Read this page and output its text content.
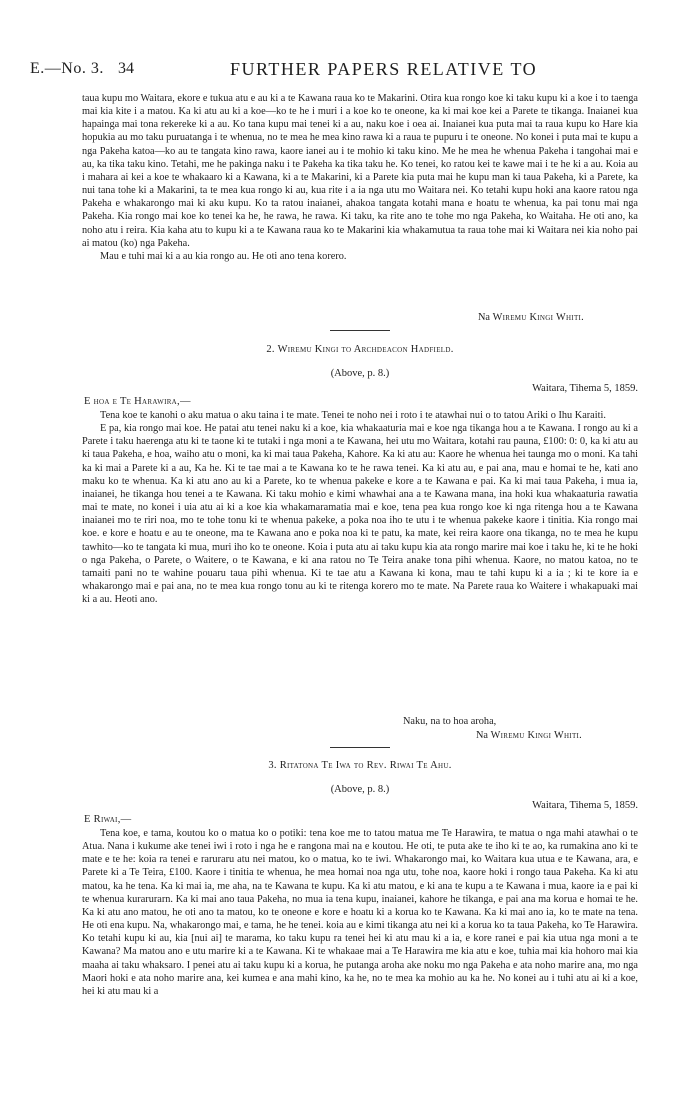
E.—No. 3. 34	FURTHER PAPERS RELATIVE TO

taua kupu mo Waitara, ekore e tukua atu e au ki a te Kawana raua ko te Makarini. Otira kua rongo koe ki taku kupu ki a koe i to taenga mai kia kite i a matou. Ka ki atu au ki a koe—ko te he i muri i a koe ko te oneone, ka ki mai koe kei a Parete te tikanga. Inaianei kua hapainga mai tona rekereke ki a au. Ko tana kupu mai tenei ki a au, naku koe i oea ai. Inaianei kua puta mai ta raua kupu ko Hare kia hopukia au mo taku puruatanga i te whenua, no te mea he mea kino rawa ki a raua te pupuru i te oneone. No konei i puta mai te kupu a nga Pakeha katoa—ko au te tangata kino rawa, kaore ianei au i te mohio ki taku kino. Me he mea he whenua Pakeha i tangohai mai e au, ka tika taku kino. Tetahi, me he pakinga naku i te Pakeha ka tika taku he. Ko tenei, ko ratou kei te kawe mai i te he ki a au. Koia au i mahara ai kei a koe te whakaaro ki a Kawana, ki a te Makarini, ki a Parete kia puta mai he kupu man ki taua Pakeha, ki a Parete, ka nui tana tohe ki a Makarini, ta te mea kua rongo ki au, kua rite i a ia nga utu mo Waitara nei. Ko tetahi kupu hoki ana kaore ratou nga Pakeha e whakarongo mai ki aku kupu. Ko ta ratou inaianei, ahakoa tangata kotahi mana e hoatu te whenua, ka pai tonu mai nga Pakeha. Kia rongo mai koe ko tenei ka he, he rawa, he rawa. Ki taku, ka rite ano te tohe mo nga Pakeha, ko Waitaha. He oti ano, ka noho atu i reira. Kia kaha atu to kupu ki a te Kawana raua ko te Makarini kia whakamutua ta raua tohe mai ki Waitara nei kia noho pai ai matou (ko) nga Pakeha.

Mau e tuhi mai ki a au kia rongo au. He oti ano tena korero.

Na Wiremu Kingi Whiti.
2. Wiremu Kingi to Archdeacon Hadfield.
(Above, p. 8.)
Waitara, Tihema 5, 1859.
E hoa e Te Harawira,—

Tena koe te kanohi o aku matua o aku taina i te mate. Tenei te noho nei i roto i te atawhai nui o to tatou Ariki o Ihu Karaiti.

E pa, kia rongo mai koe. He patai atu tenei naku ki a koe, kia whakaaturia mai e koe nga tikanga hou a te Kawana. I rongo au ki a Parete i taku haerenga atu ki te taone ki te tutaki i nga moni a te Kawana, hei utu mo Waitara, kotahi rau pauna, £100: 0: 0, ka ki atu au ki taua Pakeha, e hoa, waiho atu o moni, ka ki mai taua Pakeha, Kahore. Ka ki atu au: Kaore he whenua hei taunga mo o moni. Ka tahi ka ki mai a Parete ki a au, Ka he. Ki te tae mai a te Kawana ko te he rawa tenei. Ka ki atu au, e pai ana, mau e homai te he, kati ano maku ko te whenua. Ka ki atu ano au ki a Parete, ko te whenua pakeke e kore a te Kawana e pai. Ka ki mai taua Pakeha, i mua ia, inaianei, he tikanga hou tenei a te Kawana. Ki taku mohio e kimi whawhai ana a te Kawana mana, ina hoki kua whakaaturia rawatia mai te mate, no konei i uia atu ai ki a koe kia whakamaramatia mai e koe, tena pea kua rongo koe ki nga ritenga hou a te Kawana inaianei mo te riri noa, mo te tohe tonu ki te whenua pakeke, a poka noa iho te utu i te whenua pakeke kaore i tinitia. Kia rongo mai koe. e kore e hoatu e au te oneone, ma te Kawana ano e poka noa ki te patu, ka mate, kei reira kaore ona tikanga, no te mea he kupu tawhito—ko te tangata ki mua, muri iho ko te oneone. Koia i puta atu ai taku kupu kia ata rongo marire mai koe i taku he, ki te he hoki o nga Pakeha, o Parete, o Waitere, o te Kawana, e ki ana ratou no Te Teira anake tona pihi whenua. Kaore, no matou katoa, no te tamaiti pani no te wahine pouaru taua pihi whenua. Ki te tae atu a Kawana ki kona, mau te tahi kupu ki a ia ; ki te kore ia e whakarongo mai e pai ana, no te mea kua rongo tonu au ki te ritenga korero mo te mate. Na Parete raua ko Waitere i whakapuaki mai ki a au. Heoti ano.

Naku, na to hoa aroha,
Na Wiremu Kingi Whiti.
3. Ritatona Te Iwa to Rev. Riwai Te Ahu.
(Above, p. 8.)
Waitara, Tihema 5, 1859.
E Riwai,—

Tena koe, e tama, koutou ko o matua ko o potiki: tena koe me to tatou matua me Te Harawira, te matua o nga mahi atawhai o te Atua. Nana i kukume ake tenei iwi i roto i nga he e rangona mai na e koutou. He oti, te puta ake te iho ki te ao, ka rumakina ano ki te mate e te he: koia ra tenei e raruraru atu nei matou, ko o matua, ko te iwi. Whakarongo mai, ko Waitara kua utua e te Kawana, ara, e Parete ki a Te Teira, £100. Kaore i tinitia te whenua, he mea homai noa nga utu, tohe noa, kaore hoki i rongo taua Pakeha. Ka ki atu matou, ka he tena. Ka ki mai ia, me aha, na te Kawana te kupu. Ka ki atu matou, e ki ana te kupu a te Kawana i mua, kaore ia e pai ki te whenua kurarurarn. Ka ki mai ano taua Pakeha, no mua ia tena kupu, inaianei, kahore he tikanga, e pai ana ma korua e homai te he. Ka ki atu ano matou, he oti ano ta matou, ko te oneone e kore e hoatu ki a korua ko te Kawana. Ka ki mai ano ia, ko te mate na tena. He oti ena kupu. Na, whakarongo mai, e tama, he he tenei. koia au e kimi tikanga atu nei ki a korua ko ta taua Pakeha, ko Te Harawira. Ko tetahi kupu ki au, kia [nui ai] te marama, ko taku kupu ra tenei hei ki atu mau ki a ia, e kore ranei e pai kia utua nga moni a te Kawana? Ma matou ano e utu marire ki a te Kawana. Ki te whakaae mai a Te Harawira me kia atu e koe, tuhia mai kia hohoro mai kia maaha ai taku whaksaro. I penei atu ai taku kupu ki a korua, he putanga aroha ake noku mo nga Pakeha e ata noho marire ana, mo nga Maori hoki e ata noho marire ana, kei kumea e ana mahi kino, ka he, no te mea ka mohio au ka he. No konei au i tuhi atu ai ki a koe, hei ki atu mau ki a
